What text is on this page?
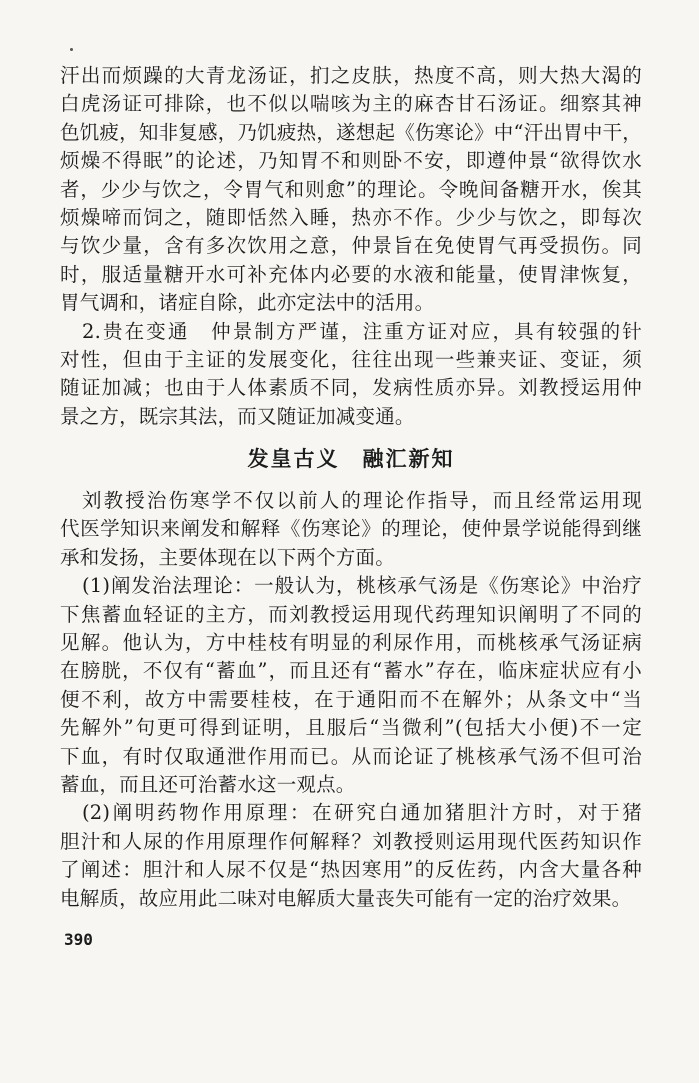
汗出而烦躁的大青龙汤证，扪之皮肤，热度不高，则大热大渴的
白虎汤证可排除，也不似以喘咳为主的麻杏甘石汤证。细察其神
色饥疲，知非复感，乃饥疲热，遂想起《伤寒论》中“汗出胃中干，
烦燥不得眠”的论述，乃知胃不和则卧不安，即遵仲景“欲得饮水
者，少少与饮之，令胃气和则愈”的理论。令晚间备糖开水，俟其
烦燥啼而饲之，随即恬然入睡，热亦不作。少少与饮之，即每次
与饮少量，含有多次饮用之意，仲景旨在免使胃气再受损伤。同
时，服适量糖开水可补充体内必要的水液和能量，使胃津恢复，
胃气调和，诸症自除，此亦定法中的活用。
2.贵在变通　仲景制方严谨，注重方证对应，具有较强的针
对性，但由于主证的发展变化，往往出现一些兼夹证、变证，须
随证加减；也由于人体素质不同，发病性质亦异。刘教授运用仲
景之方，既宗其法，而又随证加减变通。
发皇古义　融汇新知
刘教授治伤寒学不仅以前人的理论作指导，而且经常运用现
代医学知识来阐发和解释《伤寒论》的理论，使仲景学说能得到继
承和发扬，主要体现在以下两个方面。
(1)阐发治法理论：一般认为，桃核承气汤是《伤寒论》中治疗
下焦蓄血轻证的主方，而刘教授运用现代药理知识阐明了不同的
见解。他认为，方中桂枝有明显的利尿作用，而桃核承气汤证病
在膀胱，不仅有“蓄血”，而且还有“蓄水”存在，临床症状应有小
便不利，故方中需要桂枝，在于通阳而不在解外；从条文中“当
先解外”句更可得到证明，且服后“当微利”(包括大小便)不一定
下血，有时仅取通泄作用而已。从而论证了桃核承气汤不但可治
蓄血，而且还可治蓄水这一观点。
(2)阐明药物作用原理：在研究白通加猪胆汁方时，对于猪
胆汁和人尿的作用原理作何解释？刘教授则运用现代医药知识作
了阐述：胆汁和人尿不仅是“热因寒用”的反佐药，内含大量各种
电解质，故应用此二味对电解质大量丧失可能有一定的治疗效果。
390
